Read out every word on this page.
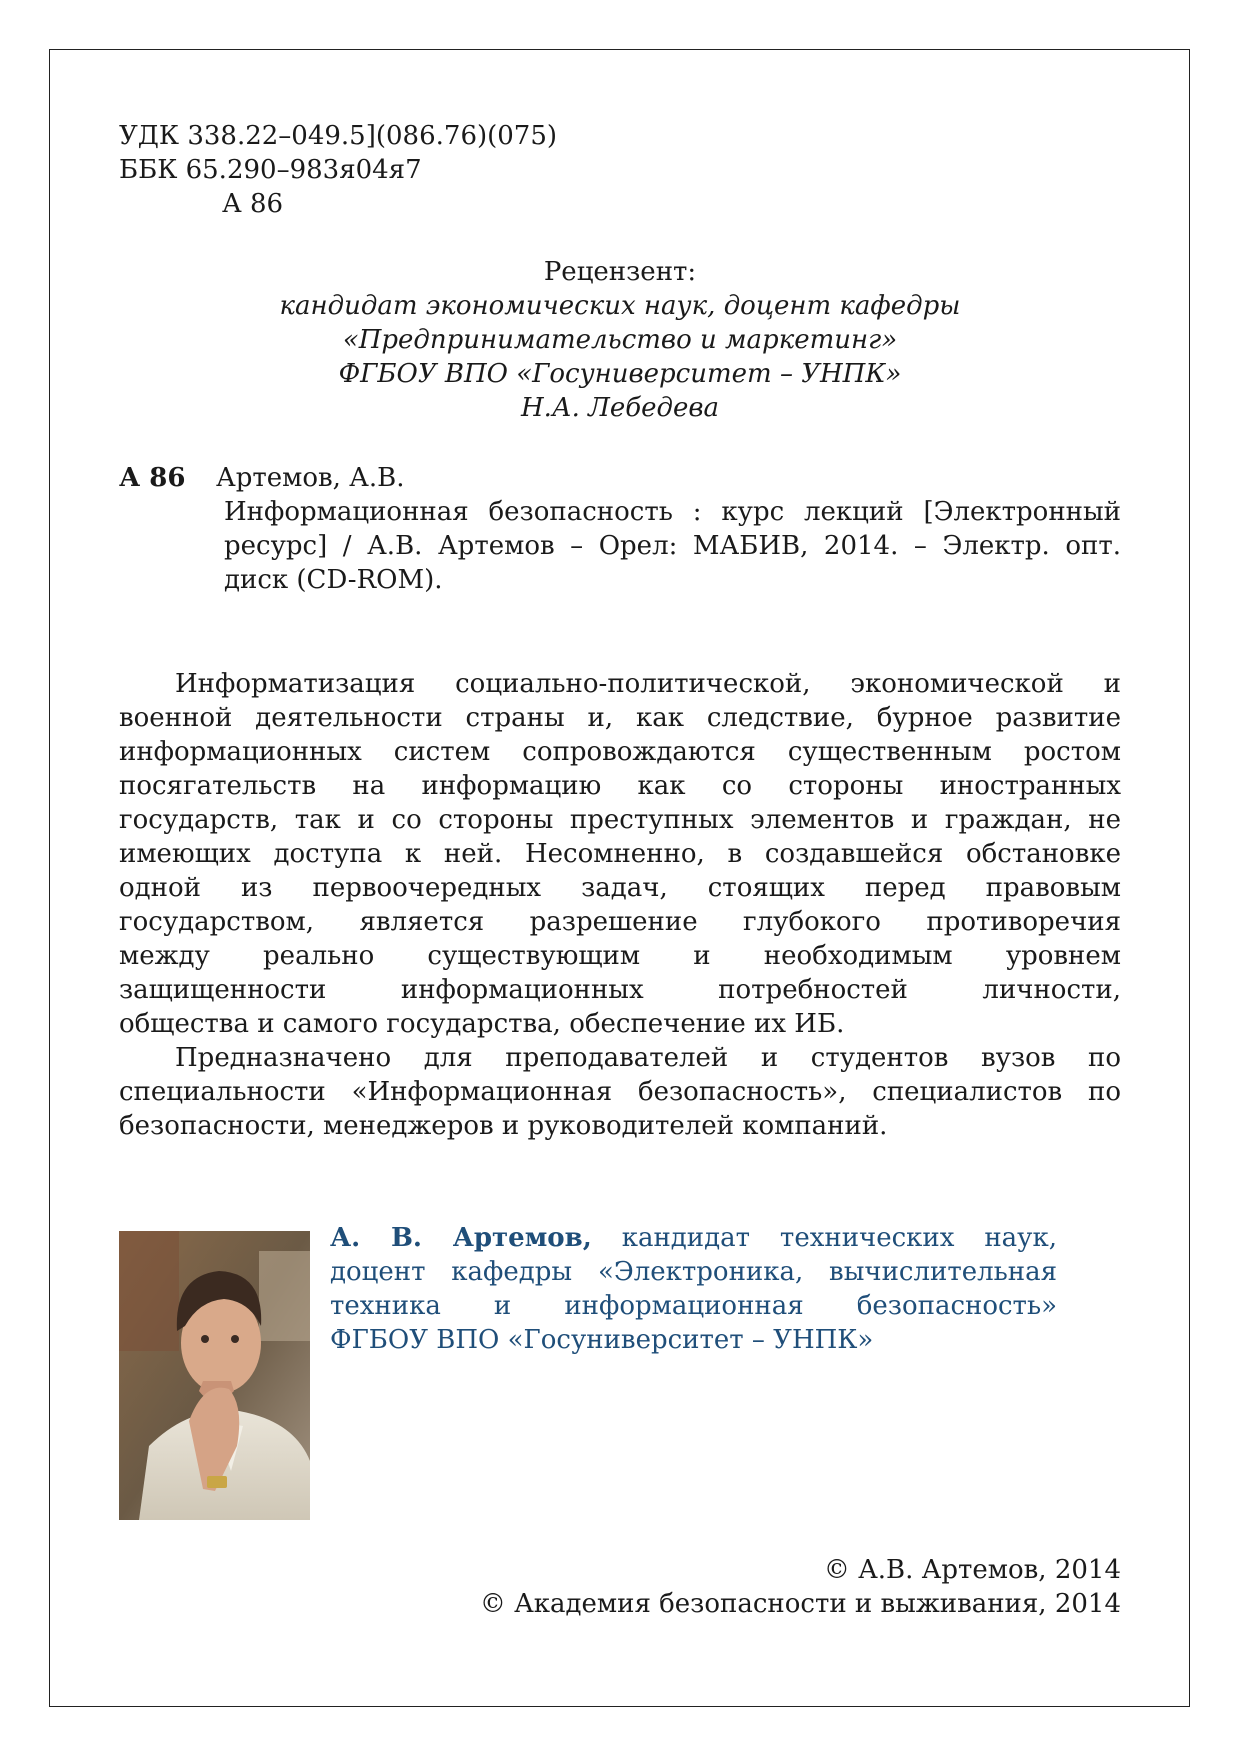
УДК 338.22–049.5](086.76)(075)
ББК 65.290–983я04я7
А 86
Рецензент:
кандидат экономических наук, доцент кафедры
«Предпринимательство и маркетинг»
ФГБОУ ВПО «Госуниверситет – УНПК»
Н.А. Лебедева
А 86 Артемов, А.В.
Информационная безопасность : курс лекций [Электронный
ресурс] / А.В. Артемов – Орел: МАБИВ, 2014. – Электр. опт.
диск (CD-ROM).
Информатизация социально-политической, экономической и
военной деятельности страны и, как следствие, бурное развитие
информационных систем сопровождаются существенным ростом
посягательств на информацию как со стороны иностранных
государств, так и со стороны преступных элементов и граждан, не
имеющих доступа к ней. Несомненно, в создавшейся обстановке
одной из первоочередных задач, стоящих перед правовым
государством, является разрешение глубокого противоречия
между реально существующим и необходимым уровнем
защищенности информационных потребностей личности,
общества и самого государства, обеспечение их ИБ.
Предназначено для преподавателей и студентов вузов по
специальности «Информационная безопасность», специалистов по
безопасности, менеджеров и руководителей компаний.
А. В. Артемов, кандидат технических наук,
доцент кафедры «Электроника, вычислительная
техника и информационная безопасность»
ФГБОУ ВПО «Госуниверситет – УНПК»
© А.В. Артемов, 2014
© Академия безопасности и выживания, 2014
